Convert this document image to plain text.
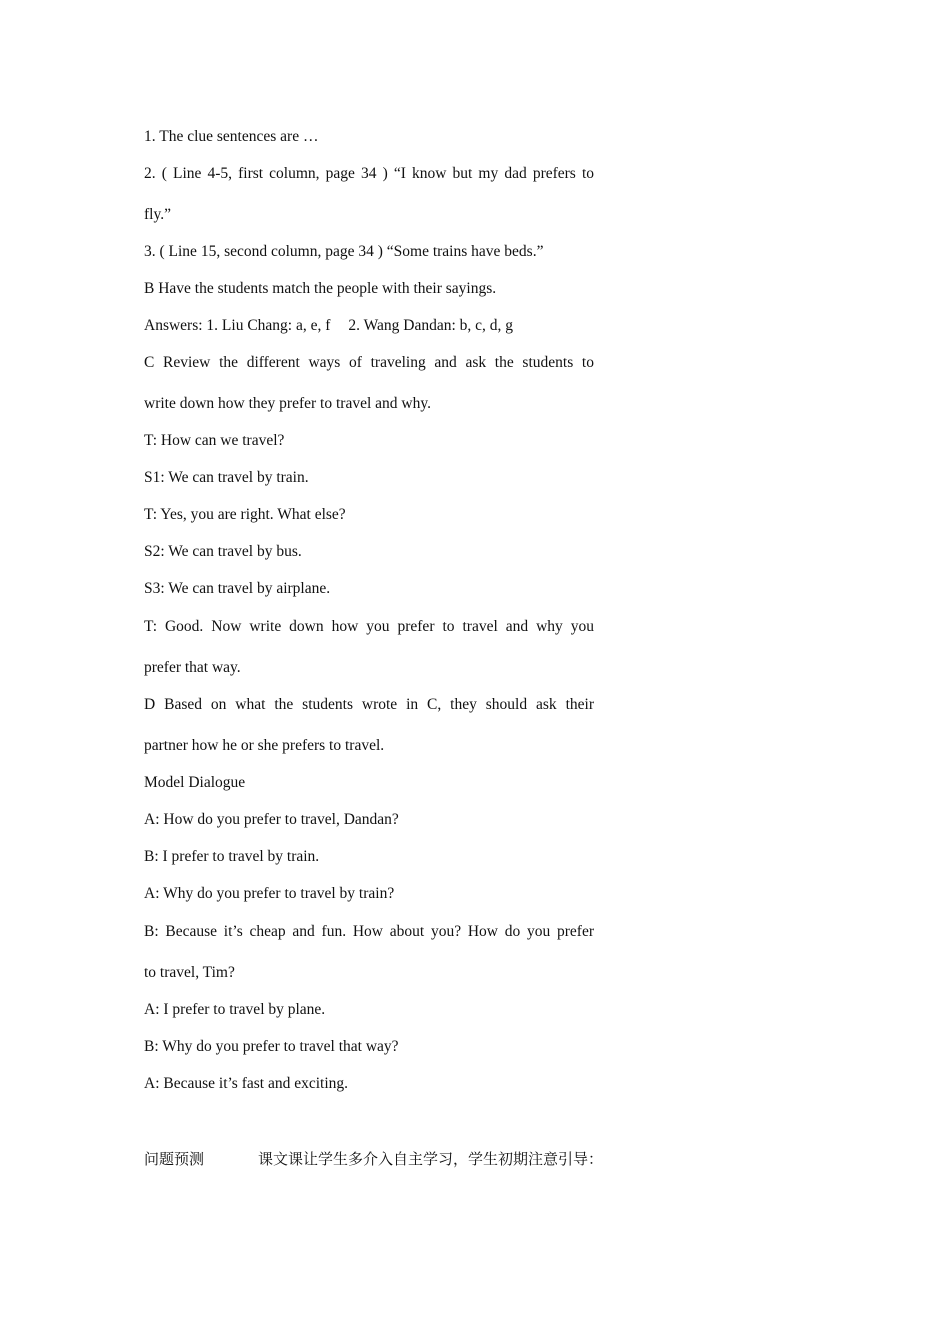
1. The clue sentences are …

2. ( Line 4-5, first column, page 34 ) “I know but my dad prefers to

fly.”

3. ( Line 15, second column, page 34 ) “Some trains have beds.”

B Have the students match the people with their sayings.

Answers: 1. Liu Chang: a, e, f 2. Wang Dandan: b, c, d, g

C Review the different ways of traveling and ask the students to

write down how they prefer to travel and why.

T: How can we travel?

S1: We can travel by train.

T: Yes, you are right. What else?

S2: We can travel by bus.

S3: We can travel by airplane.

T: Good. Now write down how you prefer to travel and why you

prefer that way.

D Based on what the students wrote in C, they should ask their

partner how he or she prefers to travel.

Model Dialogue

A: How do you prefer to travel, Dandan?

B: I prefer to travel by train.

A: Why do you prefer to travel by train?

B: Because it’s cheap and fun. How about you? How do you prefer

to travel, Tim?

A: I prefer to travel by plane.

B: Why do you prefer to travel that way?

A: Because it’s fast and exciting.

问题预测	课文课让学生多介入自主学习，学生初期注意引导：
